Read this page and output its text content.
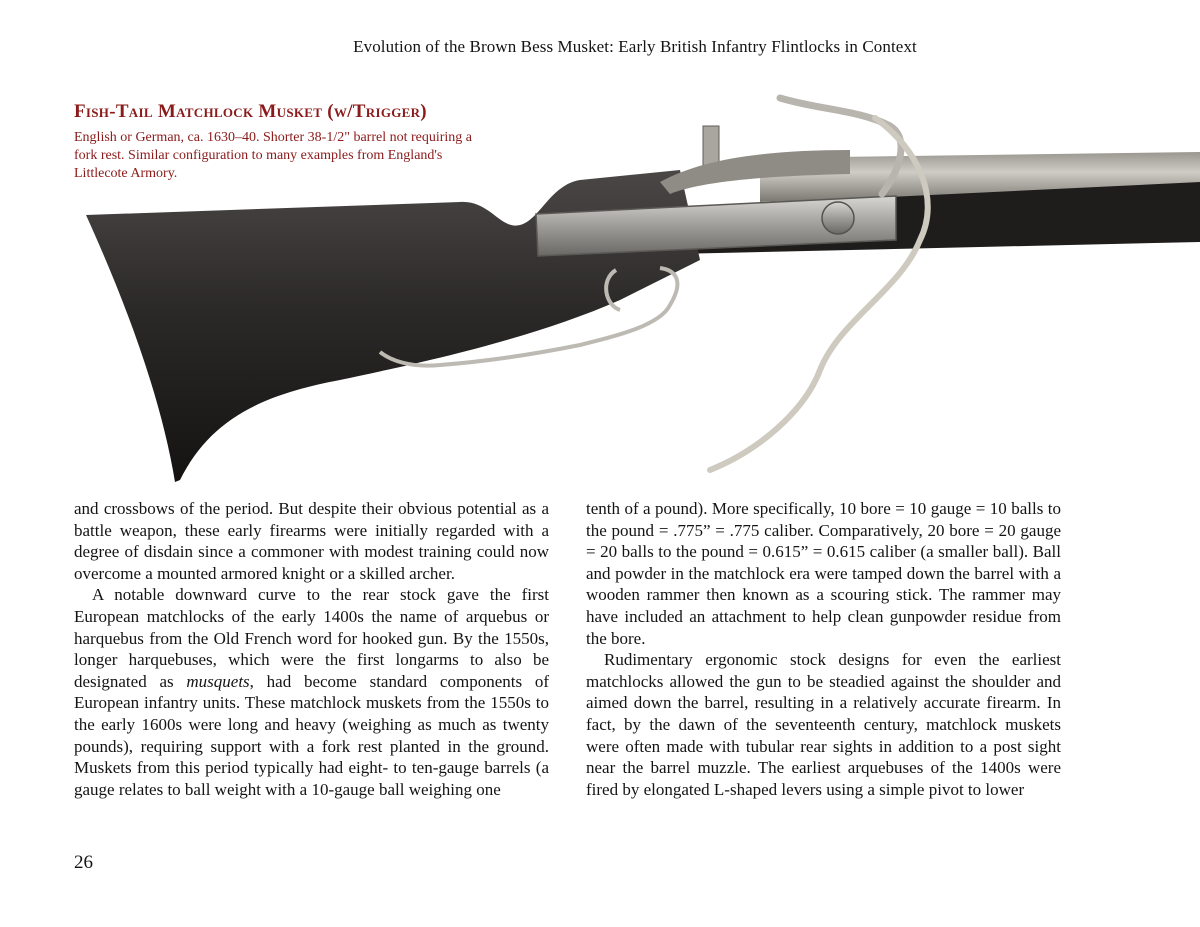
Evolution of the Brown Bess Musket: Early British Infantry Flintlocks in Context
Fish-Tail Matchlock Musket (w/Trigger)
English or German, ca. 1630–40. Shorter 38-1/2" barrel not requiring a fork rest. Similar configuration to many examples from England's Littlecote Armory.

and crossbows of the period. But despite their obvious potential as a battle weapon, these early firearms were initially regarded with a degree of disdain since a commoner with modest training could now overcome a mounted armored knight or a skilled archer.

A notable downward curve to the rear stock gave the first European matchlocks of the early 1400s the name of arquebus or harquebus from the Old French word for hooked gun. By the 1550s, longer harquebuses, which were the first longarms to also be designated as musquets, had become standard components of European infantry units. These matchlock muskets from the 1550s to the early 1600s were long and heavy (weighing as much as twenty pounds), requiring support with a fork rest planted in the ground. Muskets from this period typically had eight- to ten-gauge barrels (a gauge relates to ball weight with a 10-gauge ball weighing one

tenth of a pound). More specifically, 10 bore = 10 gauge = 10 balls to the pound = .775” = .775 caliber. Comparatively, 20 bore = 20 gauge = 20 balls to the pound = 0.615” = 0.615 caliber (a smaller ball). Ball and powder in the matchlock era were tamped down the barrel with a wooden rammer then known as a scouring stick. The rammer may have included an attachment to help clean gunpowder residue from the bore.

Rudimentary ergonomic stock designs for even the earliest matchlocks allowed the gun to be steadied against the shoulder and aimed down the barrel, resulting in a relatively accurate firearm. In fact, by the dawn of the seventeenth century, matchlock muskets were often made with tubular rear sights in addition to a post sight near the barrel muzzle. The earliest arquebuses of the 1400s were fired by elongated L-shaped levers using a simple pivot to lower

26
